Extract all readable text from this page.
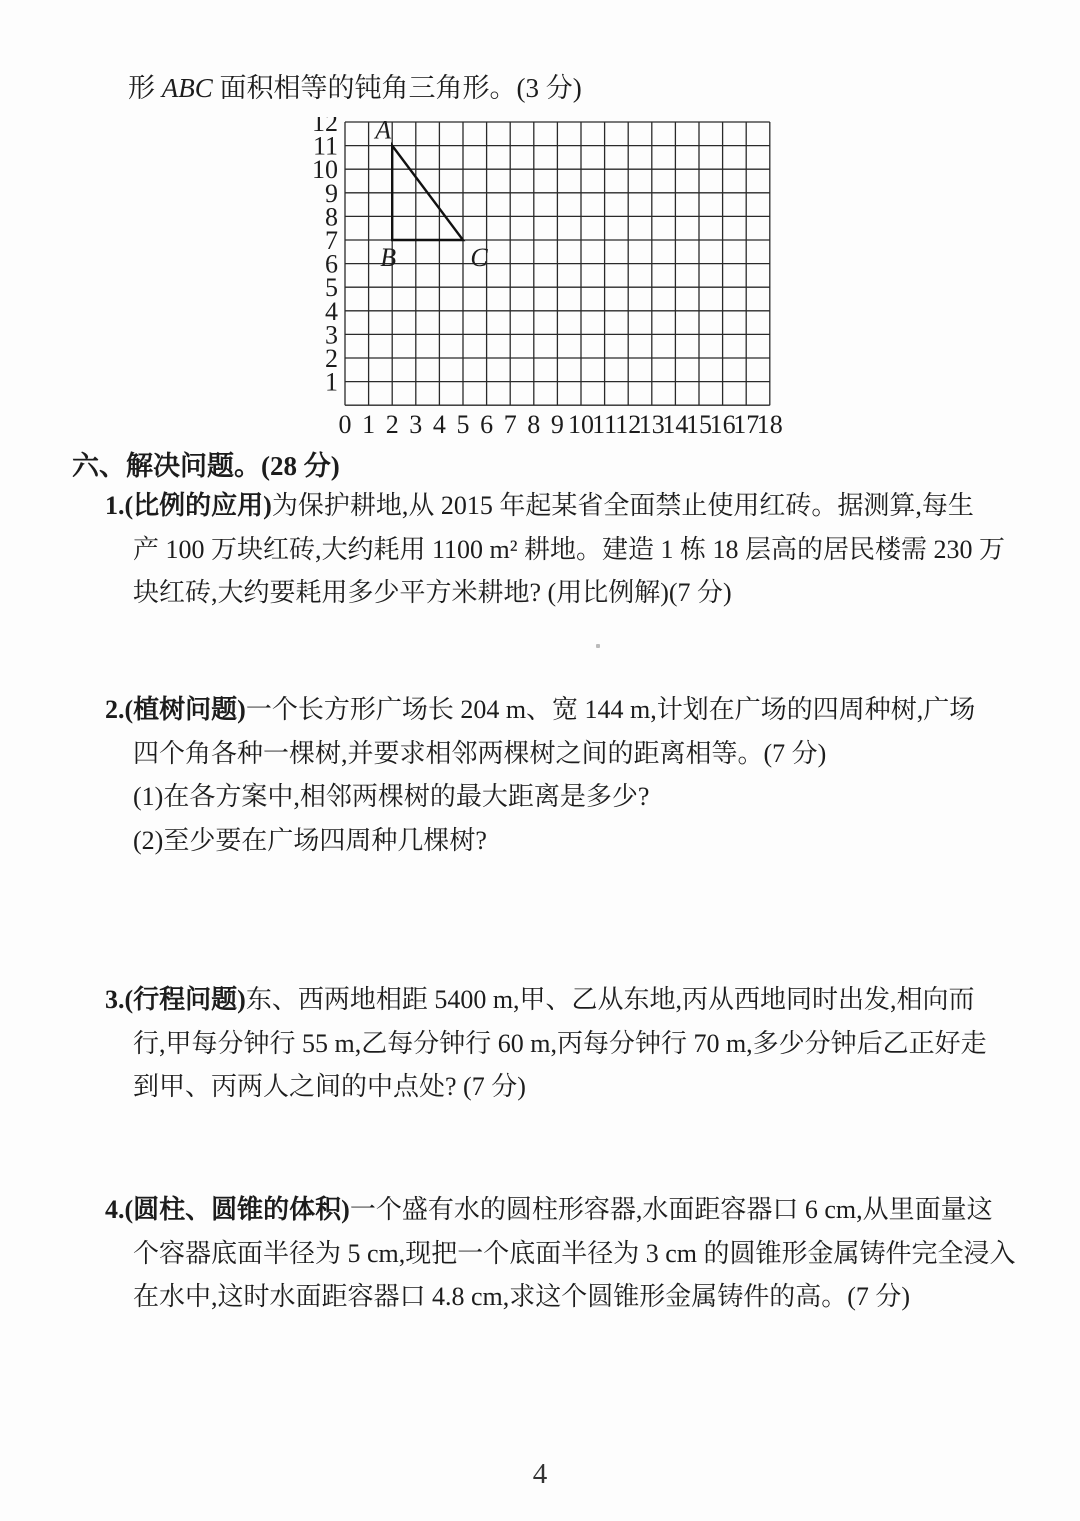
形 ABC 面积相等的钝角三角形。(3 分)
12
11
10
9
8
7
6
5
4
3
2
1
0 1 2 3 4 5 6 7 8 9 10
11
12
13
14
15
16
17
18
A
B	C
六、解决问题。(28 分)
1.(比例的应用)为保护耕地,从 2015 年起某省全面禁止使用红砖。据测算,每生
产 100 万块红砖,大约耗用 1100 m² 耕地。建造 1 栋 18 层高的居民楼需 230 万
块红砖,大约要耗用多少平方米耕地? (用比例解)(7 分)
2.(植树问题)一个长方形广场长 204 m、宽 144 m,计划在广场的四周种树,广场
四个角各种一棵树,并要求相邻两棵树之间的距离相等。(7 分)
(1)在各方案中,相邻两棵树的最大距离是多少?
(2)至少要在广场四周种几棵树?
3.(行程问题)东、西两地相距 5400 m,甲、乙从东地,丙从西地同时出发,相向而
行,甲每分钟行 55 m,乙每分钟行 60 m,丙每分钟行 70 m,多少分钟后乙正好走
到甲、丙两人之间的中点处? (7 分)
4.(圆柱、圆锥的体积)一个盛有水的圆柱形容器,水面距容器口 6 cm,从里面量这
个容器底面半径为 5 cm,现把一个底面半径为 3 cm 的圆锥形金属铸件完全浸入
在水中,这时水面距容器口 4.8 cm,求这个圆锥形金属铸件的高。(7 分)
4
